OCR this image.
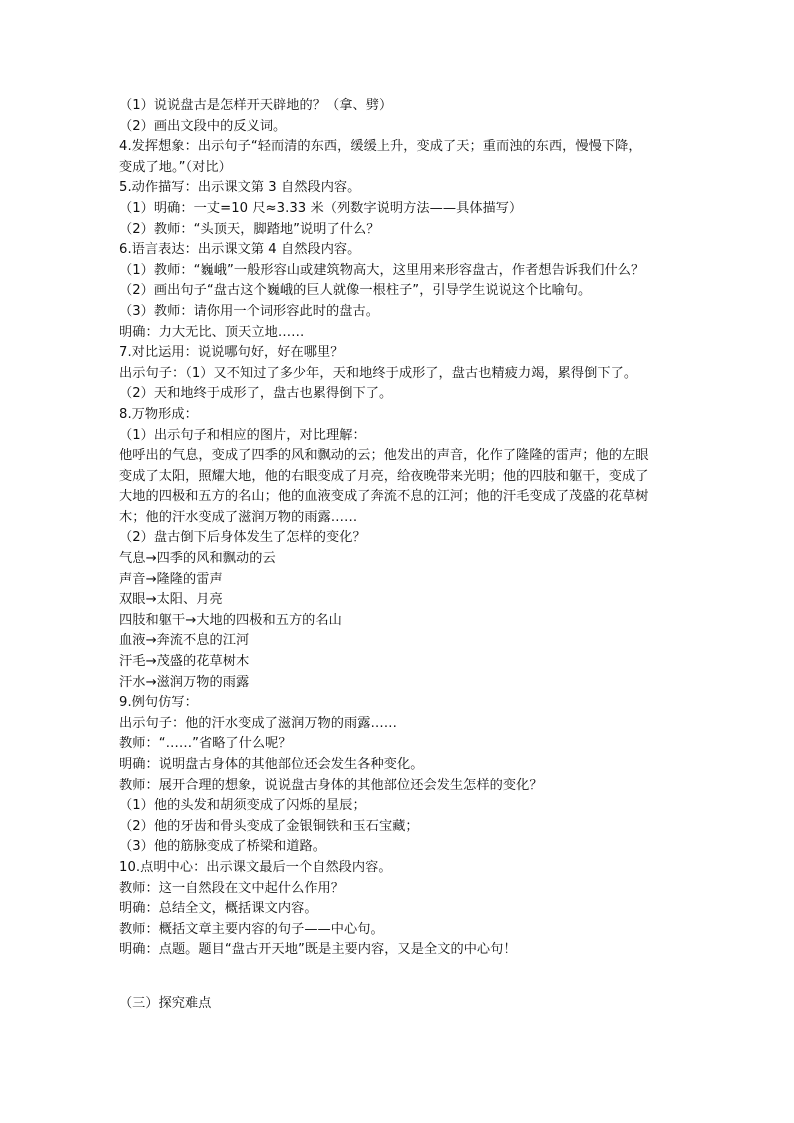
（1）说说盘古是怎样开天辟地的？（拿、劈）
（2）画出文段中的反义词。
4.发挥想象：出示句子“轻而清的东西，缓缓上升，变成了天；重而浊的东西，慢慢下降，
变成了地。”（对比）
5.动作描写：出示课文第 3 自然段内容。
（1）明确：一丈=10 尺≈3.33 米（列数字说明方法——具体描写）
（2）教师：“头顶天，脚踏地”说明了什么？
6.语言表达：出示课文第 4 自然段内容。
（1）教师：“巍峨”一般形容山或建筑物高大，这里用来形容盘古，作者想告诉我们什么？
（2）画出句子“盘古这个巍峨的巨人就像一根柱子”，引导学生说说这个比喻句。
（3）教师：请你用一个词形容此时的盘古。
明确：力大无比、顶天立地……
7.对比运用：说说哪句好，好在哪里？
出示句子：（1）又不知过了多少年，天和地终于成形了，盘古也精疲力竭，累得倒下了。
（2）天和地终于成形了，盘古也累得倒下了。
8.万物形成：
（1）出示句子和相应的图片，对比理解：
他呼出的气息，变成了四季的风和飘动的云；他发出的声音，化作了隆隆的雷声；他的左眼
变成了太阳，照耀大地，他的右眼变成了月亮，给夜晚带来光明；他的四肢和躯干，变成了
大地的四极和五方的名山；他的血液变成了奔流不息的江河；他的汗毛变成了茂盛的花草树
木；他的汗水变成了滋润万物的雨露……
（2）盘古倒下后身体发生了怎样的变化？
气息→四季的风和飘动的云
声音→隆隆的雷声
双眼→太阳、月亮
四肢和躯干→大地的四极和五方的名山
血液→奔流不息的江河
汗毛→茂盛的花草树木
汗水→滋润万物的雨露
9.例句仿写：
出示句子：他的汗水变成了滋润万物的雨露……
教师：“……”省略了什么呢？
明确：说明盘古身体的其他部位还会发生各种变化。
教师：展开合理的想象，说说盘古身体的其他部位还会发生怎样的变化？
（1）他的头发和胡须变成了闪烁的星辰；
（2）他的牙齿和骨头变成了金银铜铁和玉石宝藏；
（3）他的筋脉变成了桥梁和道路。
10.点明中心：出示课文最后一个自然段内容。
教师：这一自然段在文中起什么作用？
明确：总结全文，概括课文内容。
教师：概括文章主要内容的句子——中心句。
明确：点题。题目“盘古开天地”既是主要内容，又是全文的中心句！
（三）探究难点
